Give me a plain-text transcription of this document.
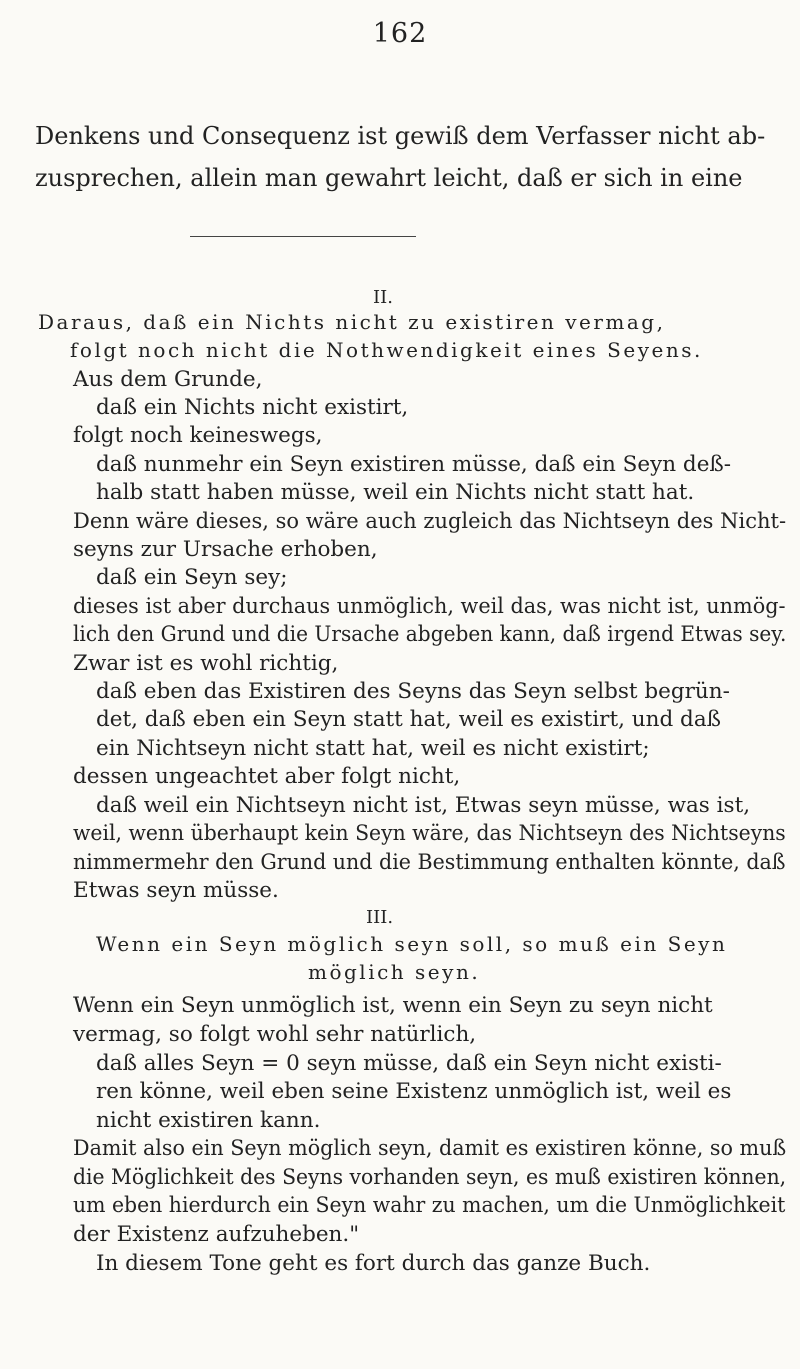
162
Denkens und Consequenz ist gewiß dem Verfasser nicht ab-
zusprechen, allein man gewahrt leicht, daß er sich in eine
II.
Daraus, daß ein Nichts nicht zu existiren vermag,
folgt noch nicht die Nothwendigkeit eines Seyens.
Aus dem Grunde,
daß ein Nichts nicht existirt,
folgt noch keineswegs,
daß nunmehr ein Seyn existiren müsse, daß ein Seyn deß-
halb statt haben müsse, weil ein Nichts nicht statt hat.
Denn wäre dieses, so wäre auch zugleich das Nichtseyn des Nicht-
seyns zur Ursache erhoben,
daß ein Seyn sey;
dieses ist aber durchaus unmöglich, weil das, was nicht ist, unmög-
lich den Grund und die Ursache abgeben kann, daß irgend Etwas sey.
Zwar ist es wohl richtig,
daß eben das Existiren des Seyns das Seyn selbst begrün-
det, daß eben ein Seyn statt hat, weil es existirt, und daß
ein Nichtseyn nicht statt hat, weil es nicht existirt;
dessen ungeachtet aber folgt nicht,
daß weil ein Nichtseyn nicht ist, Etwas seyn müsse, was ist,
weil, wenn überhaupt kein Seyn wäre, das Nichtseyn des Nichtseyns
nimmermehr den Grund und die Bestimmung enthalten könnte, daß
Etwas seyn müsse.
III.
Wenn ein Seyn möglich seyn soll, so muß ein Seyn
möglich seyn.
Wenn ein Seyn unmöglich ist, wenn ein Seyn zu seyn nicht
vermag, so folgt wohl sehr natürlich,
daß alles Seyn = 0 seyn müsse, daß ein Seyn nicht existi-
ren könne, weil eben seine Existenz unmöglich ist, weil es
nicht existiren kann.
Damit also ein Seyn möglich seyn, damit es existiren könne, so muß
die Möglichkeit des Seyns vorhanden seyn, es muß existiren können,
um eben hierdurch ein Seyn wahr zu machen, um die Unmöglichkeit
der Existenz aufzuheben."
In diesem Tone geht es fort durch das ganze Buch.
